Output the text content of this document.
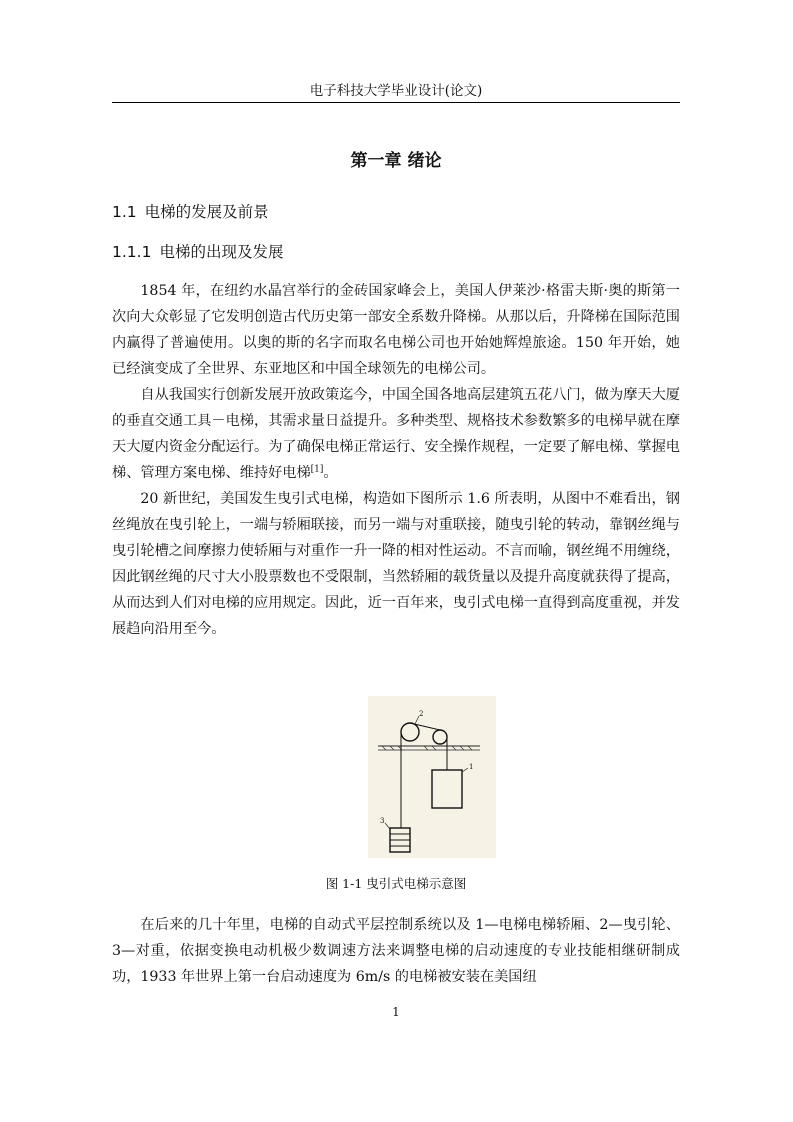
电子科技大学毕业设计(论文)
第一章 绪论
1.1 电梯的发展及前景
1.1.1 电梯的出现及发展

1854 年，在纽约水晶宫举行的金砖国家峰会上，美国人伊莱沙·格雷夫斯·奥的斯第一次向大众彰显了它发明创造古代历史第一部安全系数升降梯。从那以后，升降梯在国际范围内赢得了普遍使用。以奥的斯的名字而取名电梯公司也开始她辉煌旅途。150 年开始，她已经演变成了全世界、东亚地区和中国全球领先的电梯公司。

自从我国实行创新发展开放政策迄今，中国全国各地高层建筑五花八门，做为摩天大厦的垂直交通工具－电梯，其需求量日益提升。多种类型、规格技术参数繁多的电梯早就在摩天大厦内资金分配运行。为了确保电梯正常运行、安全操作规程，一定要了解电梯、掌握电梯、管理方案电梯、维持好电梯[1]。

20 新世纪，美国发生曳引式电梯，构造如下图所示 1.6 所表明，从图中不难看出，钢丝绳放在曳引轮上，一端与轿厢联接，而另一端与对重联接，随曳引轮的转动，靠钢丝绳与曳引轮槽之间摩擦力使轿厢与对重作一升一降的相对性运动。不言而喻，钢丝绳不用缠绕，因此钢丝绳的尺寸大小股票数也不受限制，当然轿厢的载货量以及提升高度就获得了提高，从而达到人们对电梯的应用规定。因此，近一百年来，曳引式电梯一直得到高度重视，并发展趋向沿用至今。

1
3
2
图 1-1 曳引式电梯示意图

在后来的几十年里，电梯的自动式平层控制系统以及 1—电梯电梯轿厢、2—曳引轮、3—对重，依据变换电动机极少数调速方法来调整电梯的启动速度的专业技能相继研制成功，1933 年世界上第一台启动速度为 6m/s 的电梯被安装在美国纽

1
